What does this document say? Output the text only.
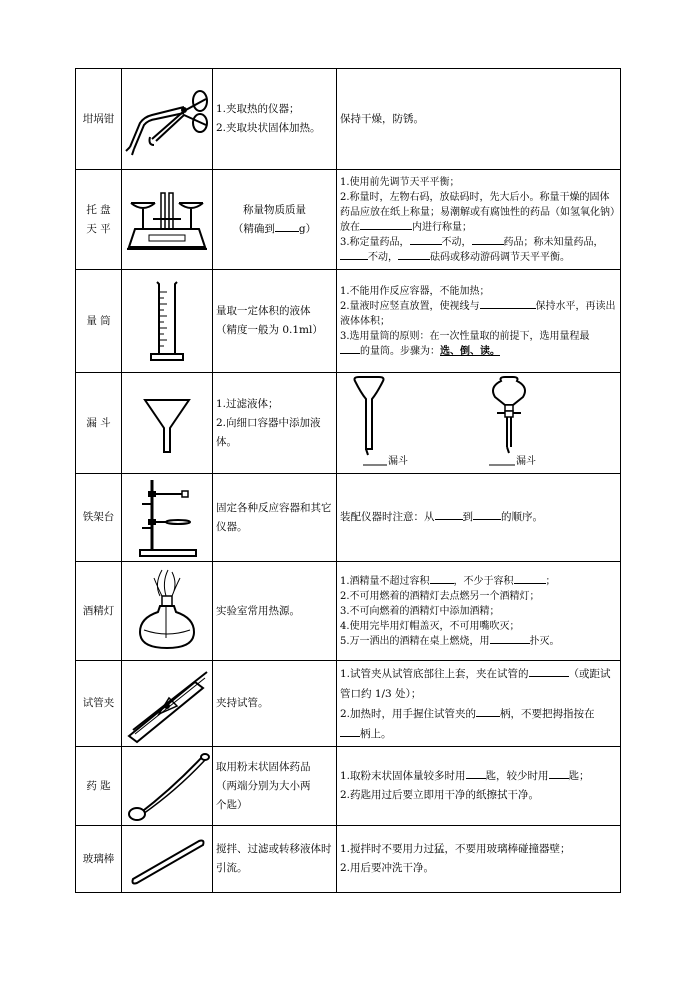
坩埚钳		1.夹取热的仪器；
2.夹取块状固体加热。	保持干燥，防锈。

托 盘
天 平		称量物质质量
（精确到 g）	1.使用前先调节天平平衡；
2.称量时，左物右码，放砝码时，先大后小。称量干燥的固体药品应放在纸上称量；易潮解或有腐蚀性的药品（如氢氧化钠）放在 内进行称量；
3.称定量药品， 不动， 药品；称未知量药品，
不动， 砝码或移动游码调节天平平衡。

量 筒		量取一定体积的液体
（精度一般为 0.1ml）	1.不能用作反应容器，不能加热；
2.量液时应竖直放置，使视线与 保持水平，再读出液体体积；
3.选用量筒的原则：在一次性量取的前提下，选用量程最
的量筒。步骤为：选、倒、读。

漏 斗		1.过滤液体；
2.向细口容器中添加液体。	漏斗 漏斗

铁架台		固定各种反应容器和其它仪器。	装配仪器时注意：从 到 的顺序。
酒精灯		实验室常用热源。	1.酒精量不超过容积 ，不少于容积 ；
2.不可用燃着的酒精灯去点燃另一个酒精灯；
3.不可向燃着的酒精灯中添加酒精；
4.使用完毕用灯帽盖灭，不可用嘴吹灭；
5.万一洒出的酒精在桌上燃烧，用 扑灭。

试管夹		夹持试管。	1.试管夹从试管底部往上套，夹在试管的 （或距试管口约 1/3 处）；
2.加热时，用手握住试管夹的 柄，不要把拇指按在
柄上。

药 匙		取用粉末状固体药品
（两端分别为大小两
个匙）	1.取粉末状固体量较多时用 匙，较少时用 匙；
2.药匙用过后要立即用干净的纸擦拭干净。

玻璃棒		搅拌、过滤或转移液体时引流。	1.搅拌时不要用力过猛，不要用玻璃棒碰撞器壁；
2.用后要冲洗干净。
